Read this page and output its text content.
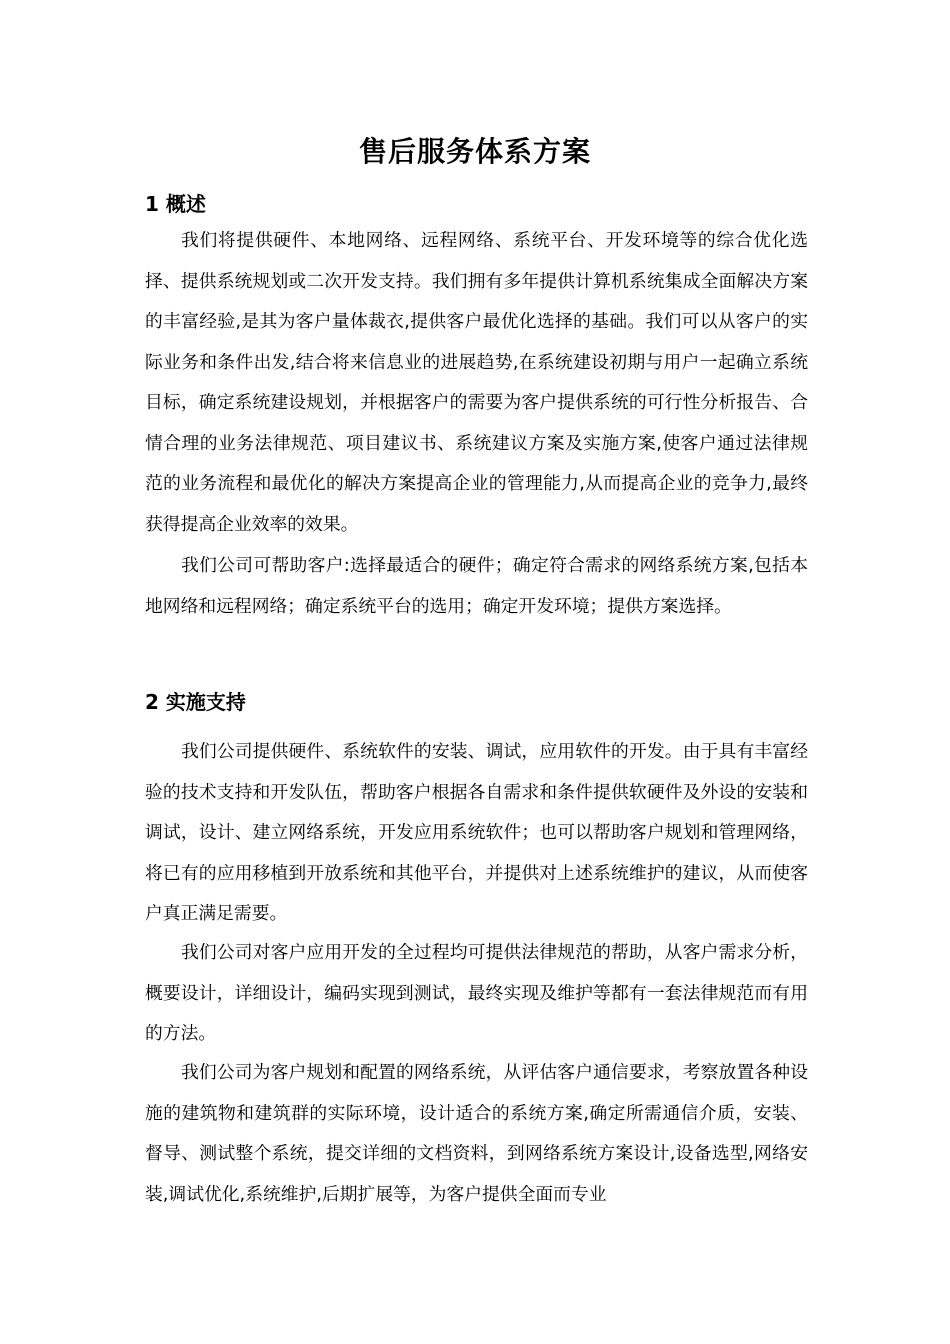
售后服务体系方案
1 概述

我们将提供硬件、本地网络、远程网络、系统平台、开发环境等的综合优化选择、提供系统规划或二次开发支持。我们拥有多年提供计算机系统集成全面解决方案的丰富经验,是其为客户量体裁衣,提供客户最优化选择的基础。我们可以从客户的实际业务和条件出发,结合将来信息业的进展趋势,在系统建设初期与用户一起确立系统目标，确定系统建设规划，并根据客户的需要为客户提供系统的可行性分析报告、合情合理的业务法律规范、项目建议书、系统建议方案及实施方案,使客户通过法律规范的业务流程和最优化的解决方案提高企业的管理能力,从而提高企业的竞争力,最终获得提高企业效率的效果。

我们公司可帮助客户:选择最适合的硬件；确定符合需求的网络系统方案,包括本地网络和远程网络；确定系统平台的选用；确定开发环境；提供方案选择。

2 实施支持

我们公司提供硬件、系统软件的安装、调试，应用软件的开发。由于具有丰富经验的技术支持和开发队伍，帮助客户根据各自需求和条件提供软硬件及外设的安装和调试，设计、建立网络系统，开发应用系统软件；也可以帮助客户规划和管理网络，将已有的应用移植到开放系统和其他平台，并提供对上述系统维护的建议，从而使客户真正满足需要。

我们公司对客户应用开发的全过程均可提供法律规范的帮助，从客户需求分析，概要设计，详细设计，编码实现到测试，最终实现及维护等都有一套法律规范而有用的方法。

我们公司为客户规划和配置的网络系统，从评估客户通信要求，考察放置各种设施的建筑物和建筑群的实际环境，设计适合的系统方案,确定所需通信介质，安装、督导、测试整个系统，提交详细的文档资料，到网络系统方案设计,设备选型,网络安装,调试优化,系统维护,后期扩展等，为客户提供全面而专业
